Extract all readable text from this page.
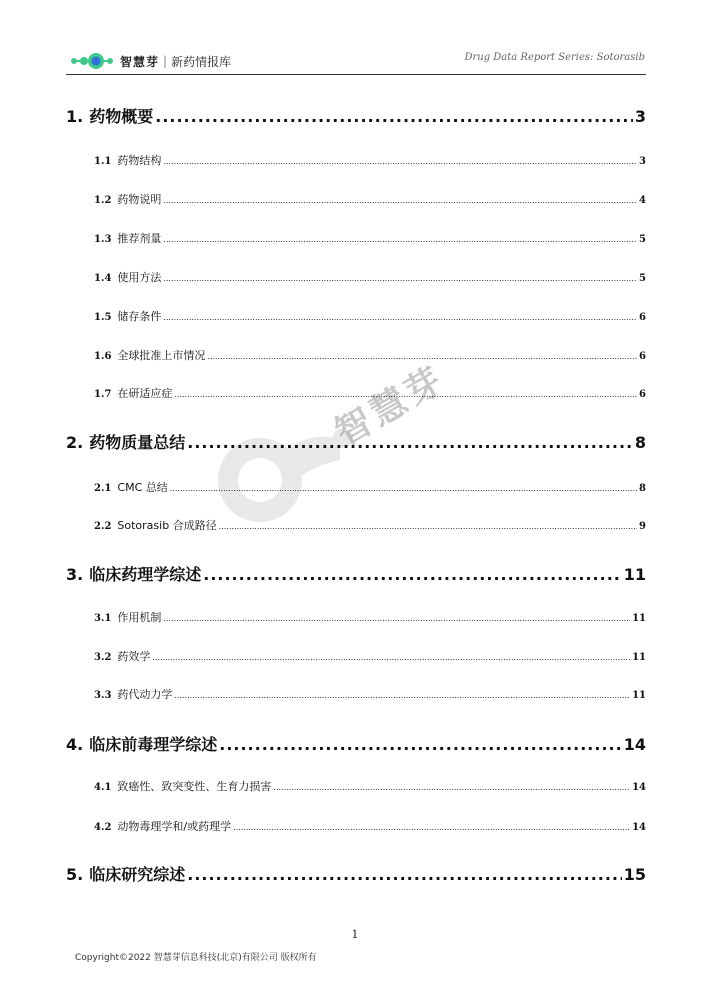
智慧芽 | 新药情报库	Drug Data Report Series: Sotorasib
智慧芽
1. 药物概要 .....	3
1.1 药物结构 .....	3
1.2 药物说明 .....	4
1.3 推荐剂量 .....	5
1.4 使用方法 .....	5
1.5 储存条件 .....	6
1.6 全球批准上市情况 .....	6
1.7 在研适应症 .....	6
2. 药物质量总结 .....	8
2.1 CMC 总结 .....	8
2.2 Sotorasib 合成路径 .....	9
3. 临床药理学综述 .....	11
3.1 作用机制 .....	11
3.2 药效学 .....	11
3.3 药代动力学 .....	11
4. 临床前毒理学综述 .....	14
4.1 致癌性、致突变性、生育力损害 .....	14
4.2 动物毒理学和/或药理学 .....	14
5. 临床研究综述 .....	15
1
Copyright©2022 智慧芽信息科技(北京)有限公司 版权所有
